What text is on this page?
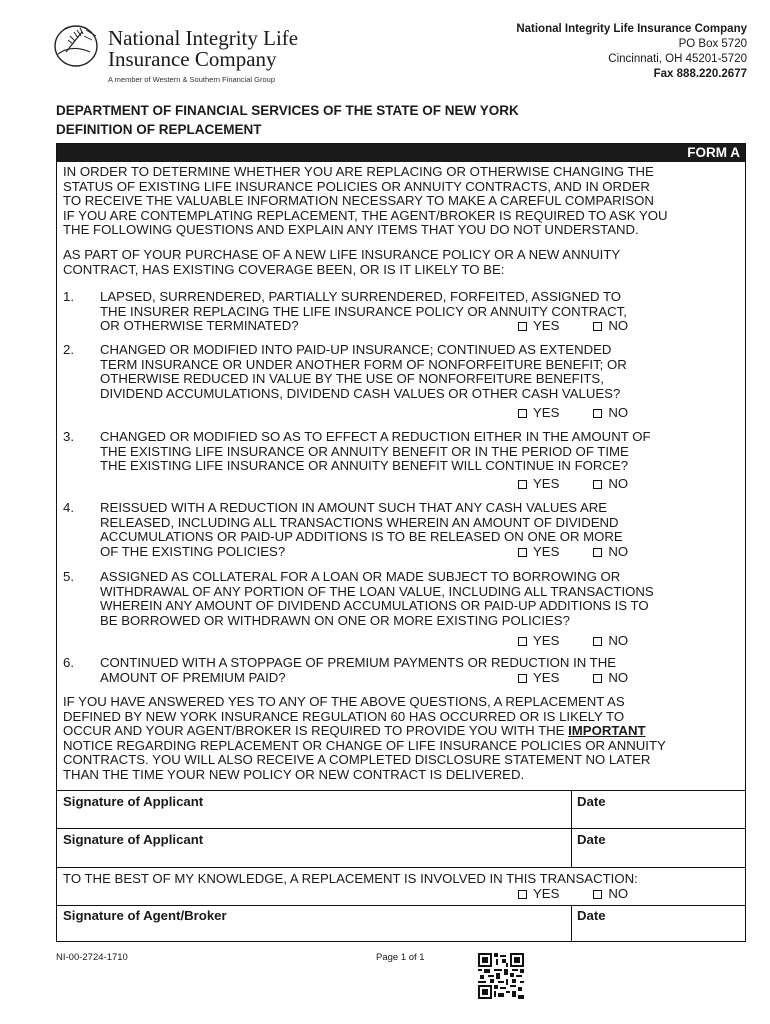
National Integrity Life
Insurance Company
A member of Western & Southern Financial Group
National Integrity Life Insurance Company
PO Box 5720
Cincinnati, OH 45201-5720
Fax 888.220.2677
DEPARTMENT OF FINANCIAL SERVICES OF THE STATE OF NEW YORK
DEFINITION OF REPLACEMENT
FORM A
IN ORDER TO DETERMINE WHETHER YOU ARE REPLACING OR OTHERWISE CHANGING THE
STATUS OF EXISTING LIFE INSURANCE POLICIES OR ANNUITY CONTRACTS, AND IN ORDER
TO RECEIVE THE VALUABLE INFORMATION NECESSARY TO MAKE A CAREFUL COMPARISON
IF YOU ARE CONTEMPLATING REPLACEMENT, THE AGENT/BROKER IS REQUIRED TO ASK YOU
THE FOLLOWING QUESTIONS AND EXPLAIN ANY ITEMS THAT YOU DO NOT UNDERSTAND.
AS PART OF YOUR PURCHASE OF A NEW LIFE INSURANCE POLICY OR A NEW ANNUITY
CONTRACT, HAS EXISTING COVERAGE BEEN, OR IS IT LIKELY TO BE:
1. LAPSED, SURRENDERED, PARTIALLY SURRENDERED, FORFEITED, ASSIGNED TO
THE INSURER REPLACING THE LIFE INSURANCE POLICY OR ANNUITY CONTRACT,
OR OTHERWISE TERMINATED?	YES	NO
2. CHANGED OR MODIFIED INTO PAID-UP INSURANCE; CONTINUED AS EXTENDED
TERM INSURANCE OR UNDER ANOTHER FORM OF NONFORFEITURE BENEFIT; OR
OTHERWISE REDUCED IN VALUE BY THE USE OF NONFORFEITURE BENEFITS,
DIVIDEND ACCUMULATIONS, DIVIDEND CASH VALUES OR OTHER CASH VALUES?
YES	NO
3. CHANGED OR MODIFIED SO AS TO EFFECT A REDUCTION EITHER IN THE AMOUNT OF
THE EXISTING LIFE INSURANCE OR ANNUITY BENEFIT OR IN THE PERIOD OF TIME
THE EXISTING LIFE INSURANCE OR ANNUITY BENEFIT WILL CONTINUE IN FORCE?
YES	NO
4. REISSUED WITH A REDUCTION IN AMOUNT SUCH THAT ANY CASH VALUES ARE
RELEASED, INCLUDING ALL TRANSACTIONS WHEREIN AN AMOUNT OF DIVIDEND
ACCUMULATIONS OR PAID-UP ADDITIONS IS TO BE RELEASED ON ONE OR MORE
OF THE EXISTING POLICIES?	YES	NO
5. ASSIGNED AS COLLATERAL FOR A LOAN OR MADE SUBJECT TO BORROWING OR
WITHDRAWAL OF ANY PORTION OF THE LOAN VALUE, INCLUDING ALL TRANSACTIONS
WHEREIN ANY AMOUNT OF DIVIDEND ACCUMULATIONS OR PAID-UP ADDITIONS IS TO
BE BORROWED OR WITHDRAWN ON ONE OR MORE EXISTING POLICIES?
YES	NO
6. CONTINUED WITH A STOPPAGE OF PREMIUM PAYMENTS OR REDUCTION IN THE
AMOUNT OF PREMIUM PAID?	YES	NO
IF YOU HAVE ANSWERED YES TO ANY OF THE ABOVE QUESTIONS, A REPLACEMENT AS
DEFINED BY NEW YORK INSURANCE REGULATION 60 HAS OCCURRED OR IS LIKELY TO
OCCUR AND YOUR AGENT/BROKER IS REQUIRED TO PROVIDE YOU WITH THE IMPORTANT
NOTICE REGARDING REPLACEMENT OR CHANGE OF LIFE INSURANCE POLICIES OR ANNUITY
CONTRACTS. YOU WILL ALSO RECEIVE A COMPLETED DISCLOSURE STATEMENT NO LATER
THAN THE TIME YOUR NEW POLICY OR NEW CONTRACT IS DELIVERED.
Signature of Applicant	Date
Signature of Applicant	Date
TO THE BEST OF MY KNOWLEDGE, A REPLACEMENT IS INVOLVED IN THIS TRANSACTION:
YES	NO
Signature of Agent/Broker	Date
NI-00-2724-1710	Page 1 of 1
